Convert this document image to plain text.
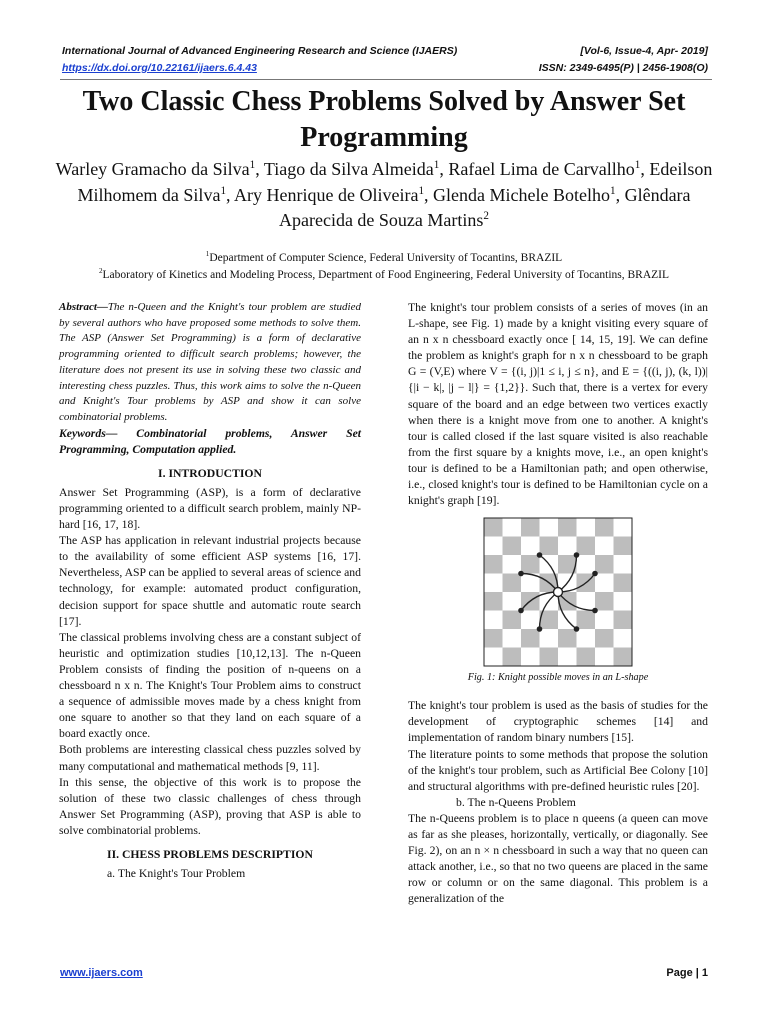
International Journal of Advanced Engineering Research and Science (IJAERS)	[Vol-6, Issue-4, Apr- 2019]
https://dx.doi.org/10.22161/ijaers.6.4.43	ISSN: 2349-6495(P) | 2456-1908(O)
Two Classic Chess Problems Solved by Answer Set Programming
Warley Gramacho da Silva$^1$, Tiago da Silva Almeida$^1$, Rafael Lima de Carvallho$^1$, Edeilson Milhomem da Silva$^1$, Ary Henrique de Oliveira$^1$, Glenda Michele Botelho$^1$, Glêndara Aparecida de Souza Martins$^2$
$^1$Department of Computer Science, Federal University of Tocantins, BRAZIL
$^2$Laboratory of Kinetics and Modeling Process, Department of Food Engineering, Federal University of Tocantins, BRAZIL

Abstract—The n-Queen and the Knight's tour problem are studied by several authors who have proposed some methods to solve them. The ASP (Answer Set Programming) is a form of declarative programming oriented to difficult search problems; however, the literature does not present its use in solving these two classic and interesting chess puzzles. Thus, this work aims to solve the n-Queen and Knight's Tour problems by ASP and show it can solve combinatorial problems.

Keywords— Combinatorial problems, Answer Set Programming, Computation applied.

I. INTRODUCTION

Answer Set Programming (ASP), is a form of declarative programming oriented to a difficult search problem, mainly NP-hard [16, 17, 18].

The ASP has application in relevant industrial projects because to the availability of some efficient ASP systems [16, 17]. Nevertheless, ASP can be applied to several areas of science and technology, for example: automated product configuration, decision support for space shuttle and automatic route search [17].

The classical problems involving chess are a constant subject of heuristic and optimization studies [10,12,13]. The n-Queen Problem consists of finding the position of n-queens on a chessboard n x n. The Knight's Tour Problem aims to construct a sequence of admissible moves made by a chess knight from one square to another so that they land on each square of a board exactly once.

Both problems are interesting classical chess puzzles solved by many computational and mathematical methods [9, 11].

In this sense, the objective of this work is to propose the solution of these two classic challenges of chess through Answer Set Programming (ASP), proving that ASP is able to solve combinatorial problems.

II. CHESS PROBLEMS DESCRIPTION

a. The Knight's Tour Problem

The knight's tour problem consists of a series of moves (in an L-shape, see Fig. 1) made by a knight visiting every square of an n x n chessboard exactly once [ 14, 15, 19]. We can define the problem as knight's graph for n x n chessboard to be graph G = (V,E) where V = {(i, j)|1 ≤ i, j ≤ n}, and E = {((i, j), (k, l))|{|i − k|, |j − l|} = {1,2}}. Such that, there is a vertex for every square of the board and an edge between two vertices exactly when there is a knight move from one to another. A knight's tour is called closed if the last square visited is also reachable from the first square by a knights move, i.e., an open knight's tour is defined to be a Hamiltonian path; and open otherwise, i.e., closed knight's tour is defined to be Hamiltonian cycle on a knight's graph [19].

Fig. 1: Knight possible moves in an L-shape

The knight's tour problem is used as the basis of studies for the development of cryptographic schemes [14] and implementation of random binary numbers [15].

The literature points to some methods that propose the solution of the knight's tour problem, such as Artificial Bee Colony [10] and structural algorithms with pre-defined heuristic rules [20].

b. The n-Queens Problem

The n-Queens problem is to place n queens (a queen can move as far as she pleases, horizontally, vertically, or diagonally. See Fig. 2), on an n × n chessboard in such a way that no queen can attack another, i.e., so that no two queens are placed in the same row or column or on the same diagonal. This problem is a generalization of the

www.ijaers.com	Page | 1
